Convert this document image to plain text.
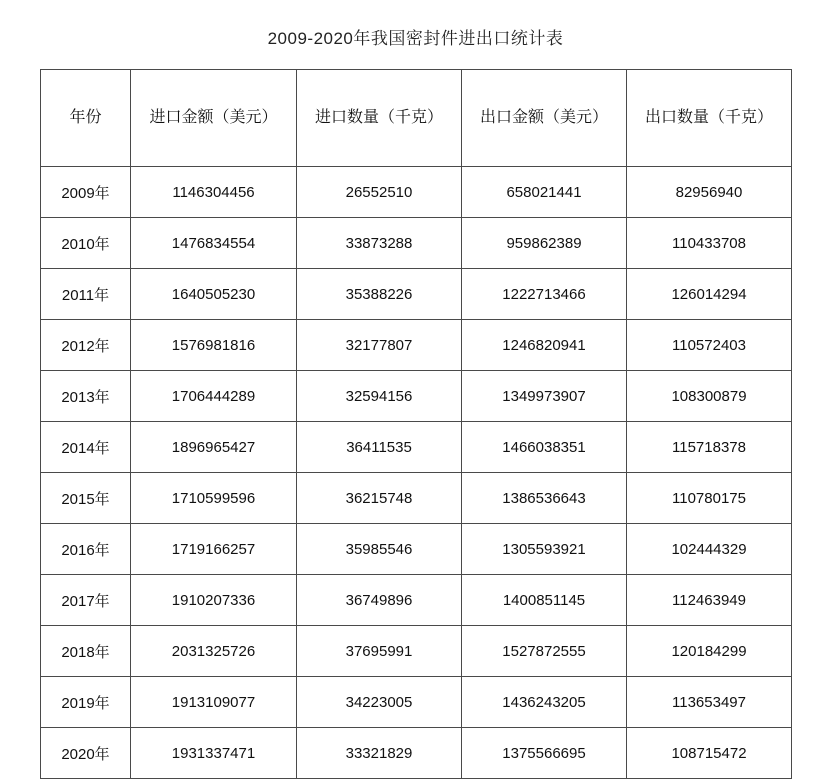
2009-2020年我国密封件进出口统计表
年份	进口金额（美元）	进口数量（千克）	出口金额（美元）	出口数量（千克）
2009年	1146304456	26552510	658021441	82956940
2010年	1476834554	33873288	959862389	110433708
2011年	1640505230	35388226	1222713466	126014294
2012年	1576981816	32177807	1246820941	110572403
2013年	1706444289	32594156	1349973907	108300879
2014年	1896965427	36411535	1466038351	115718378
2015年	1710599596	36215748	1386536643	110780175
2016年	1719166257	35985546	1305593921	102444329
2017年	1910207336	36749896	1400851145	112463949
2018年	2031325726	37695991	1527872555	120184299
2019年	1913109077	34223005	1436243205	113653497
2020年	1931337471	33321829	1375566695	108715472
